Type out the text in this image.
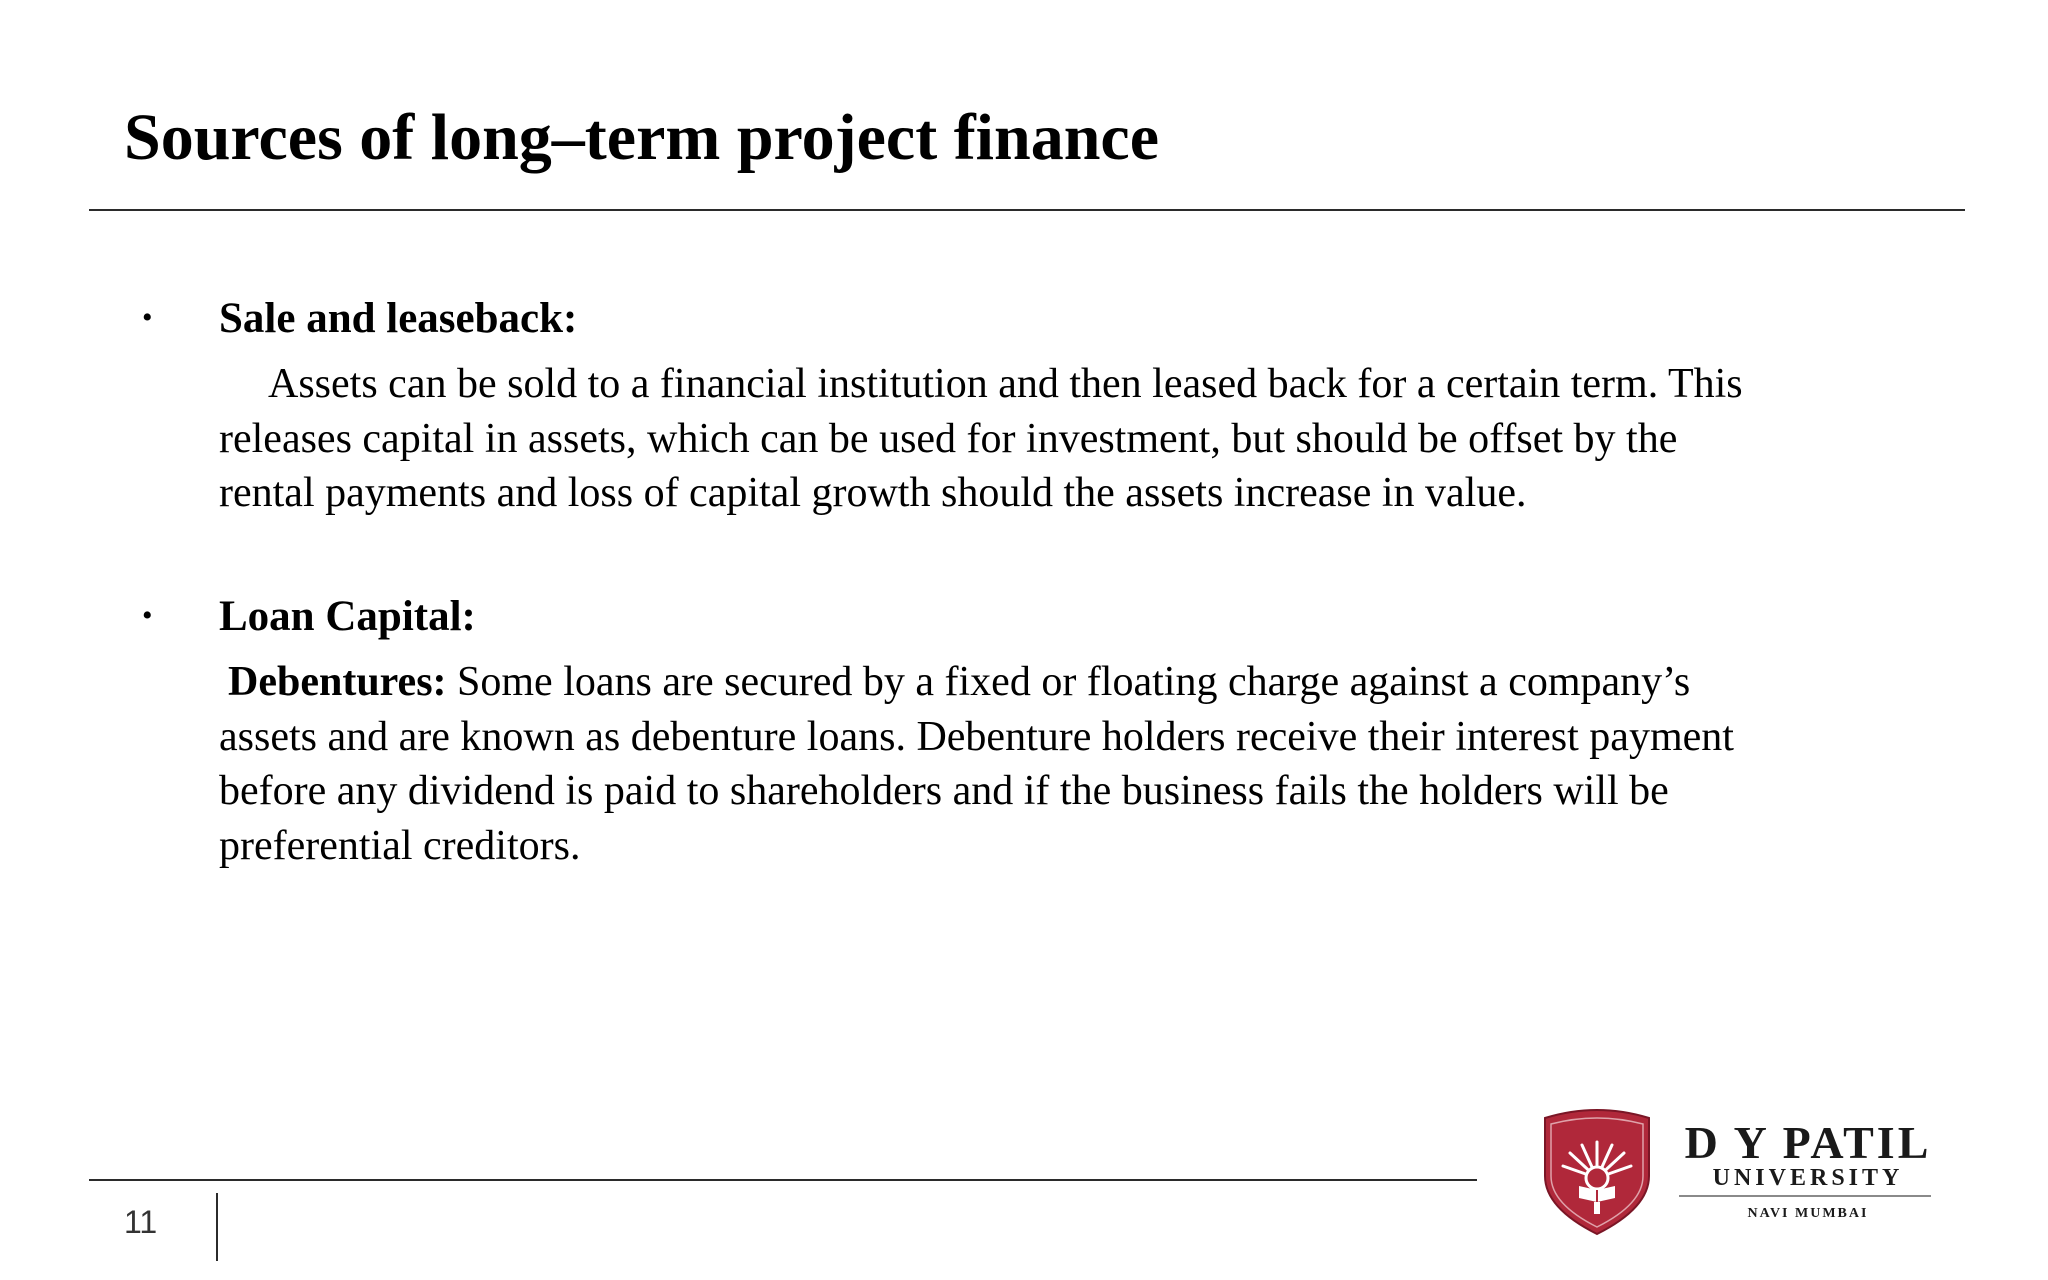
Sources of long–term project finance
• Sale and leaseback:

Assets can be sold to a financial institution and then leased back for a certain term. This
releases capital in assets, which can be used for investment, but should be offset by the
rental payments and loss of capital growth should the assets increase in value.

• Loan Capital:

Debentures: Some loans are secured by a fixed or floating charge against a company’s
assets and are known as debenture loans. Debenture holders receive their interest payment
before any dividend is paid to shareholders and if the business fails the holders will be
preferential creditors.

11
D Y PATIL
UNIVERSITY
NAVI MUMBAI
